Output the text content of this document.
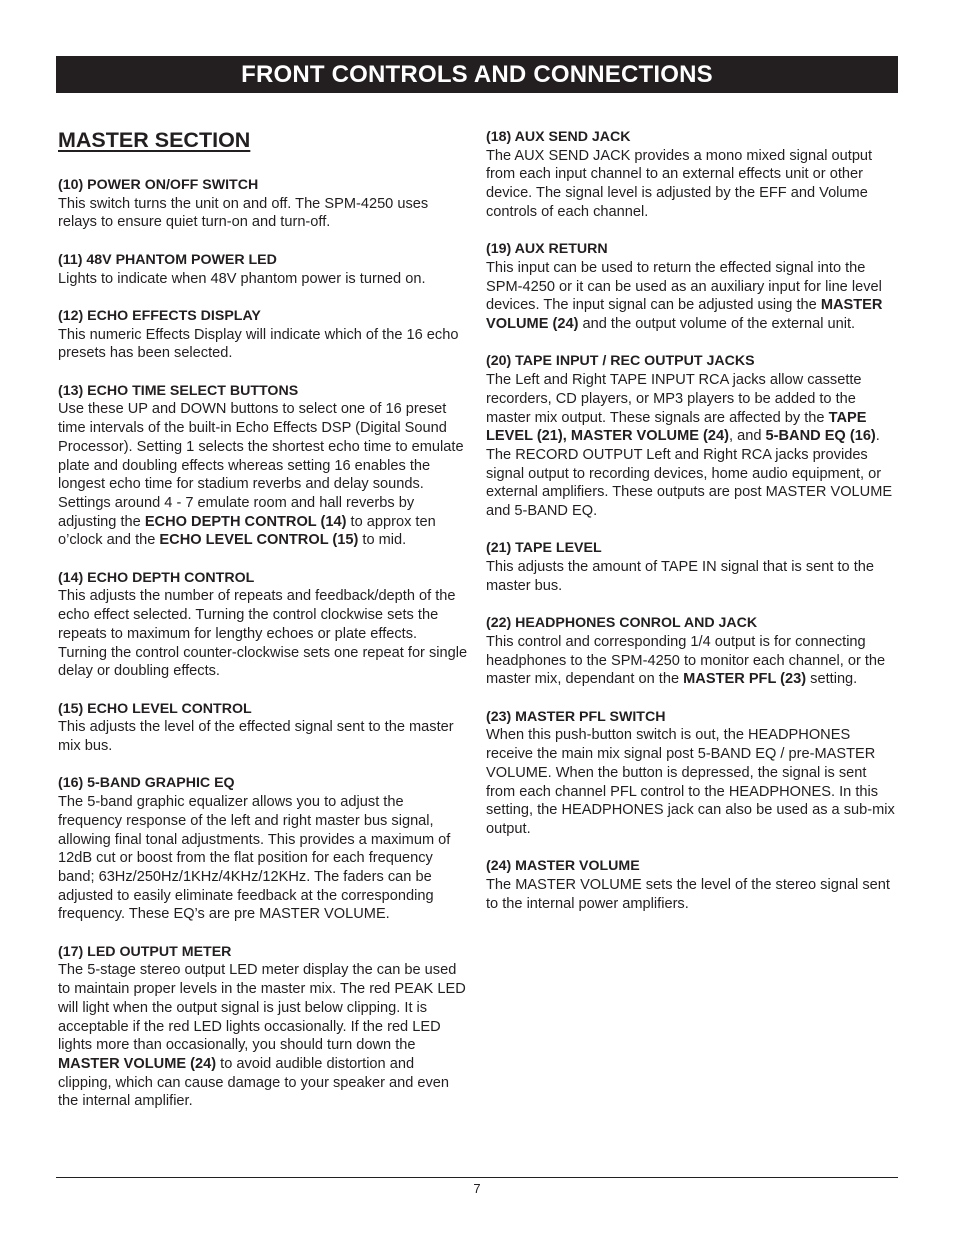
FRONT CONTROLS AND CONNECTIONS
MASTER SECTION

(10) POWER ON/OFF SWITCH

This switch turns the unit on and off. The SPM-4250 uses relays to ensure quiet turn-on and turn-off.

(11) 48V PHANTOM POWER LED

Lights to indicate when 48V phantom power is turned on.

(12) ECHO EFFECTS DISPLAY

This numeric Effects Display will indicate which of the 16 echo presets has been selected.

(13) ECHO TIME SELECT BUTTONS

Use these UP and DOWN buttons to select one of 16 preset time intervals of the built-in Echo Effects DSP (Digital Sound Processor). Setting 1 selects the shortest echo time to emulate plate and doubling effects whereas setting 16 enables the longest echo time for stadium reverbs and delay sounds. Settings around 4 - 7 emulate room and hall reverbs by adjusting the ECHO DEPTH CONTROL (14) to approx ten o’clock and the ECHO LEVEL CONTROL (15) to mid.

(14) ECHO DEPTH CONTROL

This adjusts the number of repeats and feedback/depth of the echo effect selected. Turning the control clockwise sets the repeats to maximum for lengthy echoes or plate effects. Turning the control counter-clockwise sets one repeat for single delay or doubling effects.

(15) ECHO LEVEL CONTROL

This adjusts the level of the effected signal sent to the master mix bus.

(16) 5-BAND GRAPHIC EQ

The 5-band graphic equalizer allows you to adjust the frequency response of the left and right master bus signal, allowing final tonal adjustments. This provides a maximum of 12dB cut or boost from the flat position for each frequency band; 63Hz/250Hz/1KHz/4KHz/12KHz. The faders can be adjusted to easily eliminate feedback at the corresponding frequency. These EQ’s are pre MASTER VOLUME.

(17) LED OUTPUT METER

The 5-stage stereo output LED meter display the can be used to maintain proper levels in the master mix. The red PEAK LED will light when the output signal is just below clipping. It is acceptable if the red LED lights occasionally. If the red LED lights more than occasionally, you should turn down the MASTER VOLUME (24) to avoid audible distortion and clipping, which can cause damage to your speaker and even the internal amplifier.

(18) AUX SEND JACK

The AUX SEND JACK provides a mono mixed signal output from each input channel to an external effects unit or other device. The signal level is adjusted by the EFF and Volume controls of each channel.

(19) AUX RETURN

This input can be used to return the effected signal into the SPM-4250 or it can be used as an auxiliary input for line level devices. The input signal can be adjusted using the MASTER VOLUME (24) and the output volume of the external unit.

(20) TAPE INPUT / REC OUTPUT JACKS

The Left and Right TAPE INPUT RCA jacks allow cassette recorders, CD players, or MP3 players to be added to the master mix output. These signals are affected by the TAPE LEVEL (21), MASTER VOLUME (24), and 5-BAND EQ (16). The RECORD OUTPUT Left and Right RCA jacks provides signal output to recording devices, home audio equipment, or external amplifiers. These outputs are post MASTER VOLUME and 5-BAND EQ.

(21) TAPE LEVEL

This adjusts the amount of TAPE IN signal that is sent to the master bus.

(22) HEADPHONES CONROL AND JACK

This control and corresponding 1/4 output is for connecting headphones to the SPM-4250 to monitor each channel, or the master mix, dependant on the MASTER PFL (23) setting.

(23) MASTER PFL SWITCH

When this push-button switch is out, the HEADPHONES receive the main mix signal post 5-BAND EQ / pre-MASTER VOLUME. When the button is depressed, the signal is sent from each channel PFL control to the HEADPHONES. In this setting, the HEADPHONES jack can also be used as a sub-mix output.

(24) MASTER VOLUME

The MASTER VOLUME sets the level of the stereo signal sent to the internal power amplifiers.

7
